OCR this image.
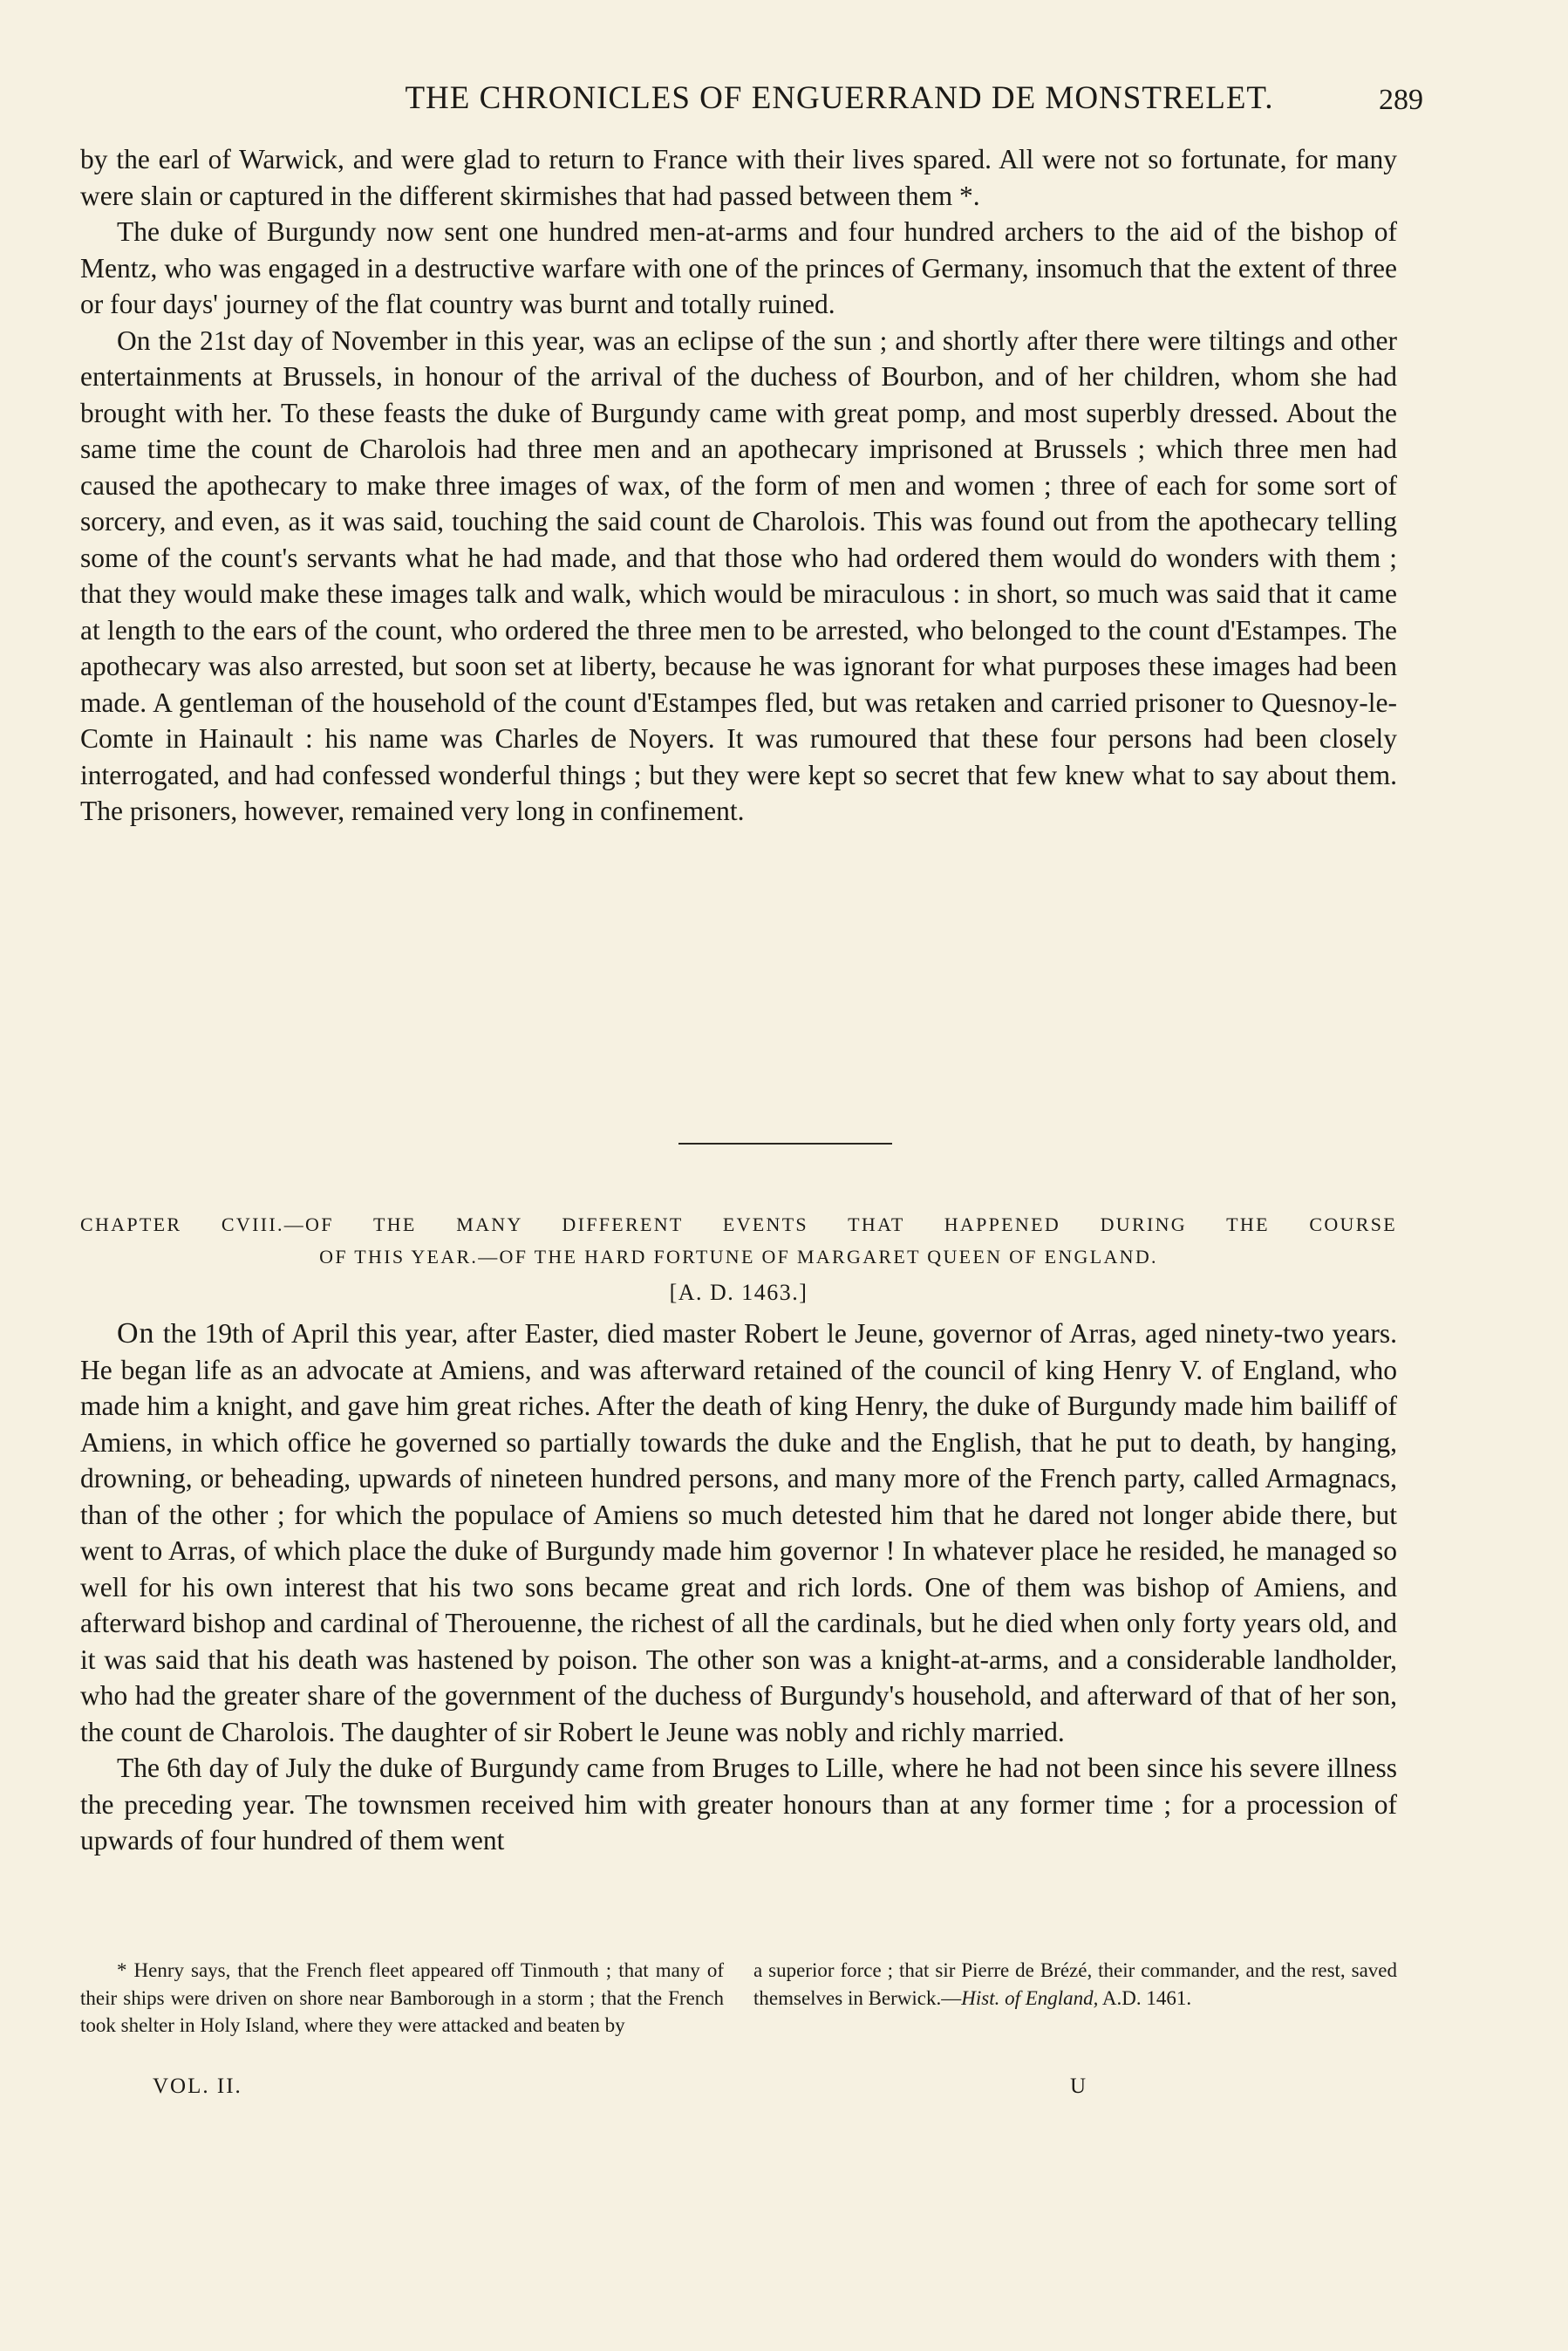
THE CHRONICLES OF ENGUERRAND DE MONSTRELET.	289

by the earl of Warwick, and were glad to return to France with their lives spared. All were not so fortunate, for many were slain or captured in the different skirmishes that had passed between them *.

The duke of Burgundy now sent one hundred men-at-arms and four hundred archers to the aid of the bishop of Mentz, who was engaged in a destructive warfare with one of the princes of Germany, insomuch that the extent of three or four days' journey of the flat country was burnt and totally ruined.

On the 21st day of November in this year, was an eclipse of the sun ; and shortly after there were tiltings and other entertainments at Brussels, in honour of the arrival of the duchess of Bourbon, and of her children, whom she had brought with her. To these feasts the duke of Burgundy came with great pomp, and most superbly dressed. About the same time the count de Charolois had three men and an apothecary imprisoned at Brussels ; which three men had caused the apothecary to make three images of wax, of the form of men and women ; three of each for some sort of sorcery, and even, as it was said, touching the said count de Charolois. This was found out from the apothecary telling some of the count's servants what he had made, and that those who had ordered them would do wonders with them ; that they would make these images talk and walk, which would be miraculous : in short, so much was said that it came at length to the ears of the count, who ordered the three men to be arrested, who belonged to the count d'Estampes. The apothecary was also arrested, but soon set at liberty, because he was ignorant for what purposes these images had been made. A gentleman of the household of the count d'Estampes fled, but was retaken and carried prisoner to Quesnoy-le-Comte in Hainault : his name was Charles de Noyers. It was rumoured that these four persons had been closely interrogated, and had confessed wonderful things ; but they were kept so secret that few knew what to say about them. The prisoners, however, remained very long in confinement.

CHAPTER CVIII.—OF THE MANY DIFFERENT EVENTS THAT HAPPENED DURING THE COURSE
OF THIS YEAR.—OF THE HARD FORTUNE OF MARGARET QUEEN OF ENGLAND.
[A. D. 1463.]

On the 19th of April this year, after Easter, died master Robert le Jeune, governor of Arras, aged ninety-two years. He began life as an advocate at Amiens, and was afterward retained of the council of king Henry V. of England, who made him a knight, and gave him great riches. After the death of king Henry, the duke of Burgundy made him bailiff of Amiens, in which office he governed so partially towards the duke and the English, that he put to death, by hanging, drowning, or beheading, upwards of nineteen hundred persons, and many more of the French party, called Armagnacs, than of the other ; for which the populace of Amiens so much detested him that he dared not longer abide there, but went to Arras, of which place the duke of Burgundy made him governor ! In whatever place he resided, he managed so well for his own interest that his two sons became great and rich lords. One of them was bishop of Amiens, and afterward bishop and cardinal of Therouenne, the richest of all the cardinals, but he died when only forty years old, and it was said that his death was hastened by poison. The other son was a knight-at-arms, and a considerable landholder, who had the greater share of the government of the duchess of Burgundy's household, and afterward of that of her son, the count de Charolois. The daughter of sir Robert le Jeune was nobly and richly married.

The 6th day of July the duke of Burgundy came from Bruges to Lille, where he had not been since his severe illness the preceding year. The townsmen received him with greater honours than at any former time ; for a procession of upwards of four hundred of them went

* Henry says, that the French fleet appeared off Tinmouth ; that many of their ships were driven on shore near Bamborough in a storm ; that the French took shelter in Holy Island, where they were attacked and beaten by

a superior force ; that sir Pierre de Brézé, their commander, and the rest, saved themselves in Berwick.—Hist. of England, A.D. 1461.

VOL. II.	U
